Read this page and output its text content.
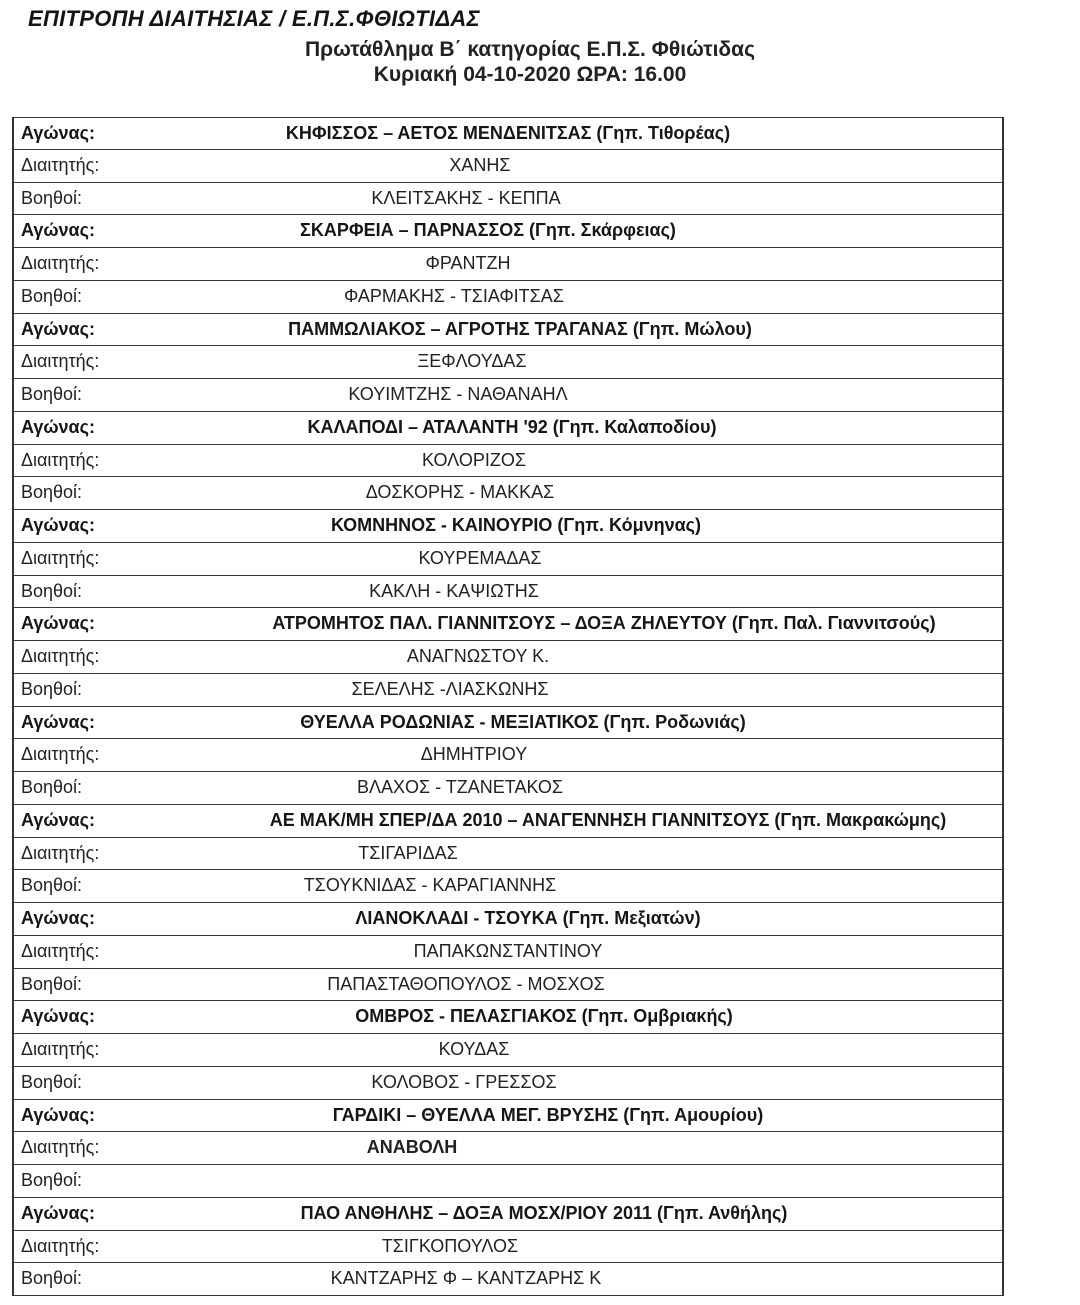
ΕΠΙΤΡΟΠΗ ΔΙΑΙΤΗΣΙΑΣ / Ε.Π.Σ.ΦΘΙΩΤΙΔΑΣ
Πρωτάθλημα Β΄ κατηγορίας Ε.Π.Σ. Φθιώτιδας
Κυριακή 04-10-2020 ΩΡΑ: 16.00
Αγώνας:	ΚΗΦΙΣΣΟΣ – ΑΕΤΟΣ ΜΕΝΔΕΝΙΤΣΑΣ (Γηπ. Τιθορέας)
Διαιτητής:	ΧΑΝΗΣ
Βοηθοί:	ΚΛΕΙΤΣΑΚΗΣ - ΚΕΠΠΑ
Αγώνας:	ΣΚΑΡΦΕΙΑ – ΠΑΡΝΑΣΣΟΣ (Γηπ. Σκάρφειας)
Διαιτητής:	ΦΡΑΝΤΖΗ
Βοηθοί:	ΦΑΡΜΑΚΗΣ - ΤΣΙΑΦΙΤΣΑΣ
Αγώνας:	ΠΑΜΜΩΛΙΑΚΟΣ – ΑΓΡΟΤΗΣ ΤΡΑΓΑΝΑΣ (Γηπ. Μώλου)
Διαιτητής:	ΞΕΦΛΟΥΔΑΣ
Βοηθοί:	ΚΟΥΙΜΤΖΗΣ - ΝΑΘΑΝΑΗΛ
Αγώνας:	ΚΑΛΑΠΟΔΙ – ΑΤΑΛΑΝΤΗ '92 (Γηπ. Καλαποδίου)
Διαιτητής:	ΚΟΛΟΡΙΖΟΣ
Βοηθοί:	ΔΟΣΚΟΡΗΣ - ΜΑΚΚΑΣ
Αγώνας:	ΚΟΜΝΗΝΟΣ - ΚΑΙΝΟΥΡΙΟ (Γηπ. Κόμνηνας)
Διαιτητής:	ΚΟΥΡΕΜΑΔΑΣ
Βοηθοί:	ΚΑΚΛΗ - ΚΑΨΙΩΤΗΣ
Αγώνας:	ΑΤΡΟΜΗΤΟΣ ΠΑΛ. ΓΙΑΝΝΙΤΣΟΥΣ – ΔΟΞΑ ΖΗΛΕΥΤΟΥ (Γηπ. Παλ. Γιαννιτσούς)
Διαιτητής:	ΑΝΑΓΝΩΣΤΟΥ Κ.
Βοηθοί:	ΣΕΛΕΛΗΣ -ΛΙΑΣΚΩΝΗΣ
Αγώνας:	ΘΥΕΛΛΑ ΡΟΔΩΝΙΑΣ - ΜΕΞΙΑΤΙΚΟΣ (Γηπ. Ροδωνιάς)
Διαιτητής:	ΔΗΜΗΤΡΙΟΥ
Βοηθοί:	ΒΛΑΧΟΣ - ΤΖΑΝΕΤΑΚΟΣ
Αγώνας:	ΑΕ ΜΑΚ/ΜΗ ΣΠΕΡ/ΔΑ 2010 – ΑΝΑΓΕΝΝΗΣΗ ΓΙΑΝΝΙΤΣΟΥΣ (Γηπ. Μακρακώμης)
Διαιτητής:	ΤΣΙΓΑΡΙΔΑΣ
Βοηθοί:	ΤΣΟΥΚΝΙΔΑΣ - ΚΑΡΑΓΙΑΝΝΗΣ
Αγώνας:	ΛΙΑΝΟΚΛΑΔΙ - ΤΣΟΥΚΑ (Γηπ. Μεξιατών)
Διαιτητής:	ΠΑΠΑΚΩΝΣΤΑΝΤΙΝΟΥ
Βοηθοί:	ΠΑΠΑΣΤΑΘΟΠΟΥΛΟΣ - ΜΟΣΧΟΣ
Αγώνας:	ΟΜΒΡΟΣ - ΠΕΛΑΣΓΙΑΚΟΣ (Γηπ. Ομβριακής)
Διαιτητής:	ΚΟΥΔΑΣ
Βοηθοί:	ΚΟΛΟΒΟΣ - ΓΡΕΣΣΟΣ
Αγώνας:	ΓΑΡΔΙΚΙ – ΘΥΕΛΛΑ ΜΕΓ. ΒΡΥΣΗΣ (Γηπ. Αμουρίου)
Διαιτητής:	ΑΝΑΒΟΛΗ
Βοηθοί:
Αγώνας:	ΠΑΟ ΑΝΘΗΛΗΣ – ΔΟΞΑ ΜΟΣΧ/ΡΙΟΥ 2011 (Γηπ. Ανθήλης)
Διαιτητής:	ΤΣΙΓΚΟΠΟΥΛΟΣ
Βοηθοί:	ΚΑΝΤΖΑΡΗΣ Φ – ΚΑΝΤΖΑΡΗΣ Κ
